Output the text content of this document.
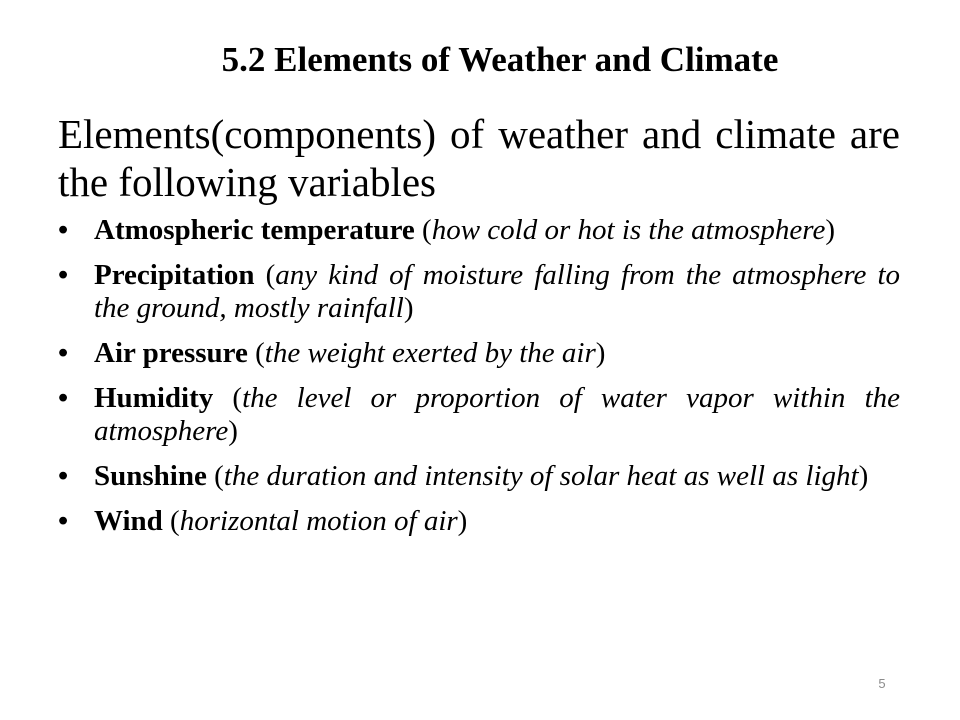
5.2 Elements of Weather and Climate

Elements(components) of weather and climate are the following variables

• Atmospheric temperature (how cold or hot is the atmosphere)
• Precipitation (any kind of moisture falling from the atmosphere to the ground, mostly rainfall)
• Air pressure (the weight exerted by the air)
• Humidity (the level or proportion of water vapor within the atmosphere)
• Sunshine (the duration and intensity of solar heat as well as light)
• Wind (horizontal motion of air)
5
